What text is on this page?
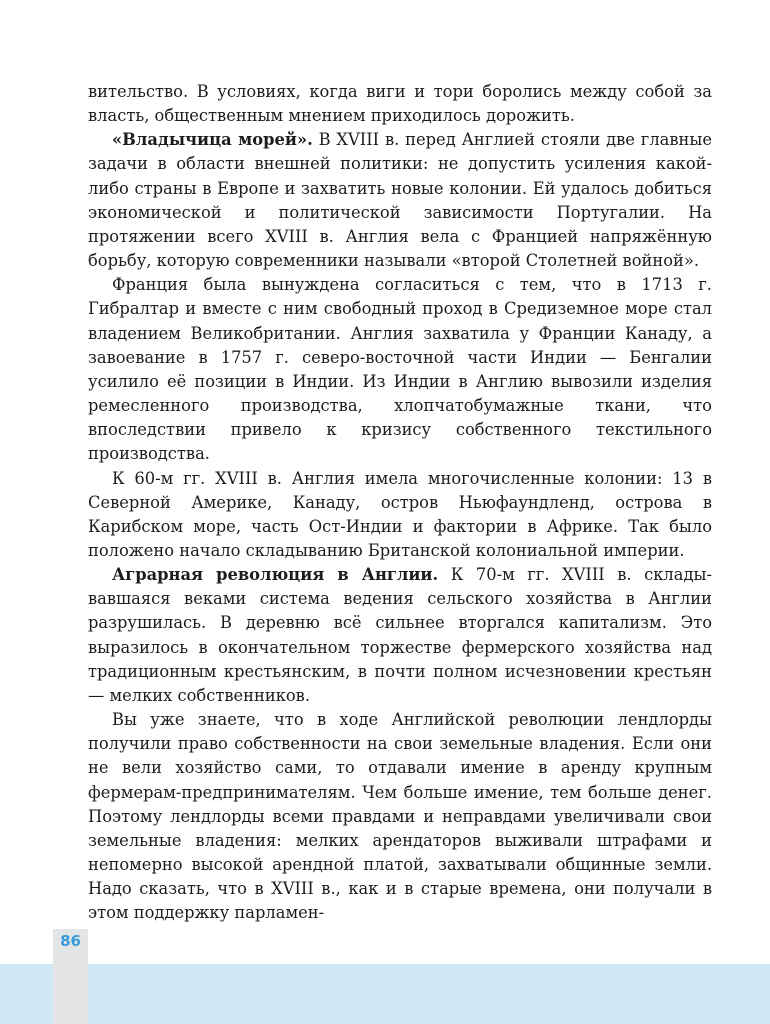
вительство. В условиях, когда виги и тори боролись между собой за власть, общественным мнением приходилось дорожить.

«Владычица морей». В XVIII в. перед Англией стояли две главные задачи в области внешней политики: не допустить усиления какой-либо страны в Европе и захватить новые колонии. Ей удалось добиться экономической и политической зависимости Португалии. На протяжении всего XVIII в. Англия вела с Францией напряжённую борьбу, которую современники называли «второй Столетней войной».

Франция была вынуждена согласиться с тем, что в 1713 г. Гибралтар и вместе с ним свободный проход в Средиземное море стал владением Великобритании. Англия захватила у Франции Канаду, а завоевание в 1757 г. северо-восточной части Индии — Бенгалии усилило её позиции в Индии. Из Индии в Англию вывозили изделия ремесленного производства, хлопчатобумажные ткани, что впоследствии привело к кризису собственного текстильного производства.

К 60-м гг. XVIII в. Англия имела многочисленные колонии: 13 в Северной Америке, Канаду, остров Ньюфаундленд, острова в Карибском море, часть Ост-Индии и фактории в Африке. Так было положено начало складыванию Британской колониальной империи.

Аграрная революция в Англии. К 70-м гг. XVIII в. складывавшаяся веками система ведения сельского хозяйства в Англии разрушилась. В деревню всё сильнее вторгался капитализм. Это выразилось в окончательном торжестве фермерского хозяйства над традиционным крестьянским, в почти полном исчезновении крестьян — мелких собственников.

Вы уже знаете, что в ходе Английской революции лендлорды получили право собственности на свои земельные владения. Если они не вели хозяйство сами, то отдавали имение в аренду крупным фермерам-предпринимателям. Чем больше имение, тем больше денег. Поэтому лендлорды всеми правдами и неправдами увеличивали свои земельные владения: мелких арендаторов выживали штрафами и непомерно высокой арендной платой, захватывали общинные земли. Надо сказать, что в XVIII в., как и в старые времена, они получали в этом поддержку парламен-

86
